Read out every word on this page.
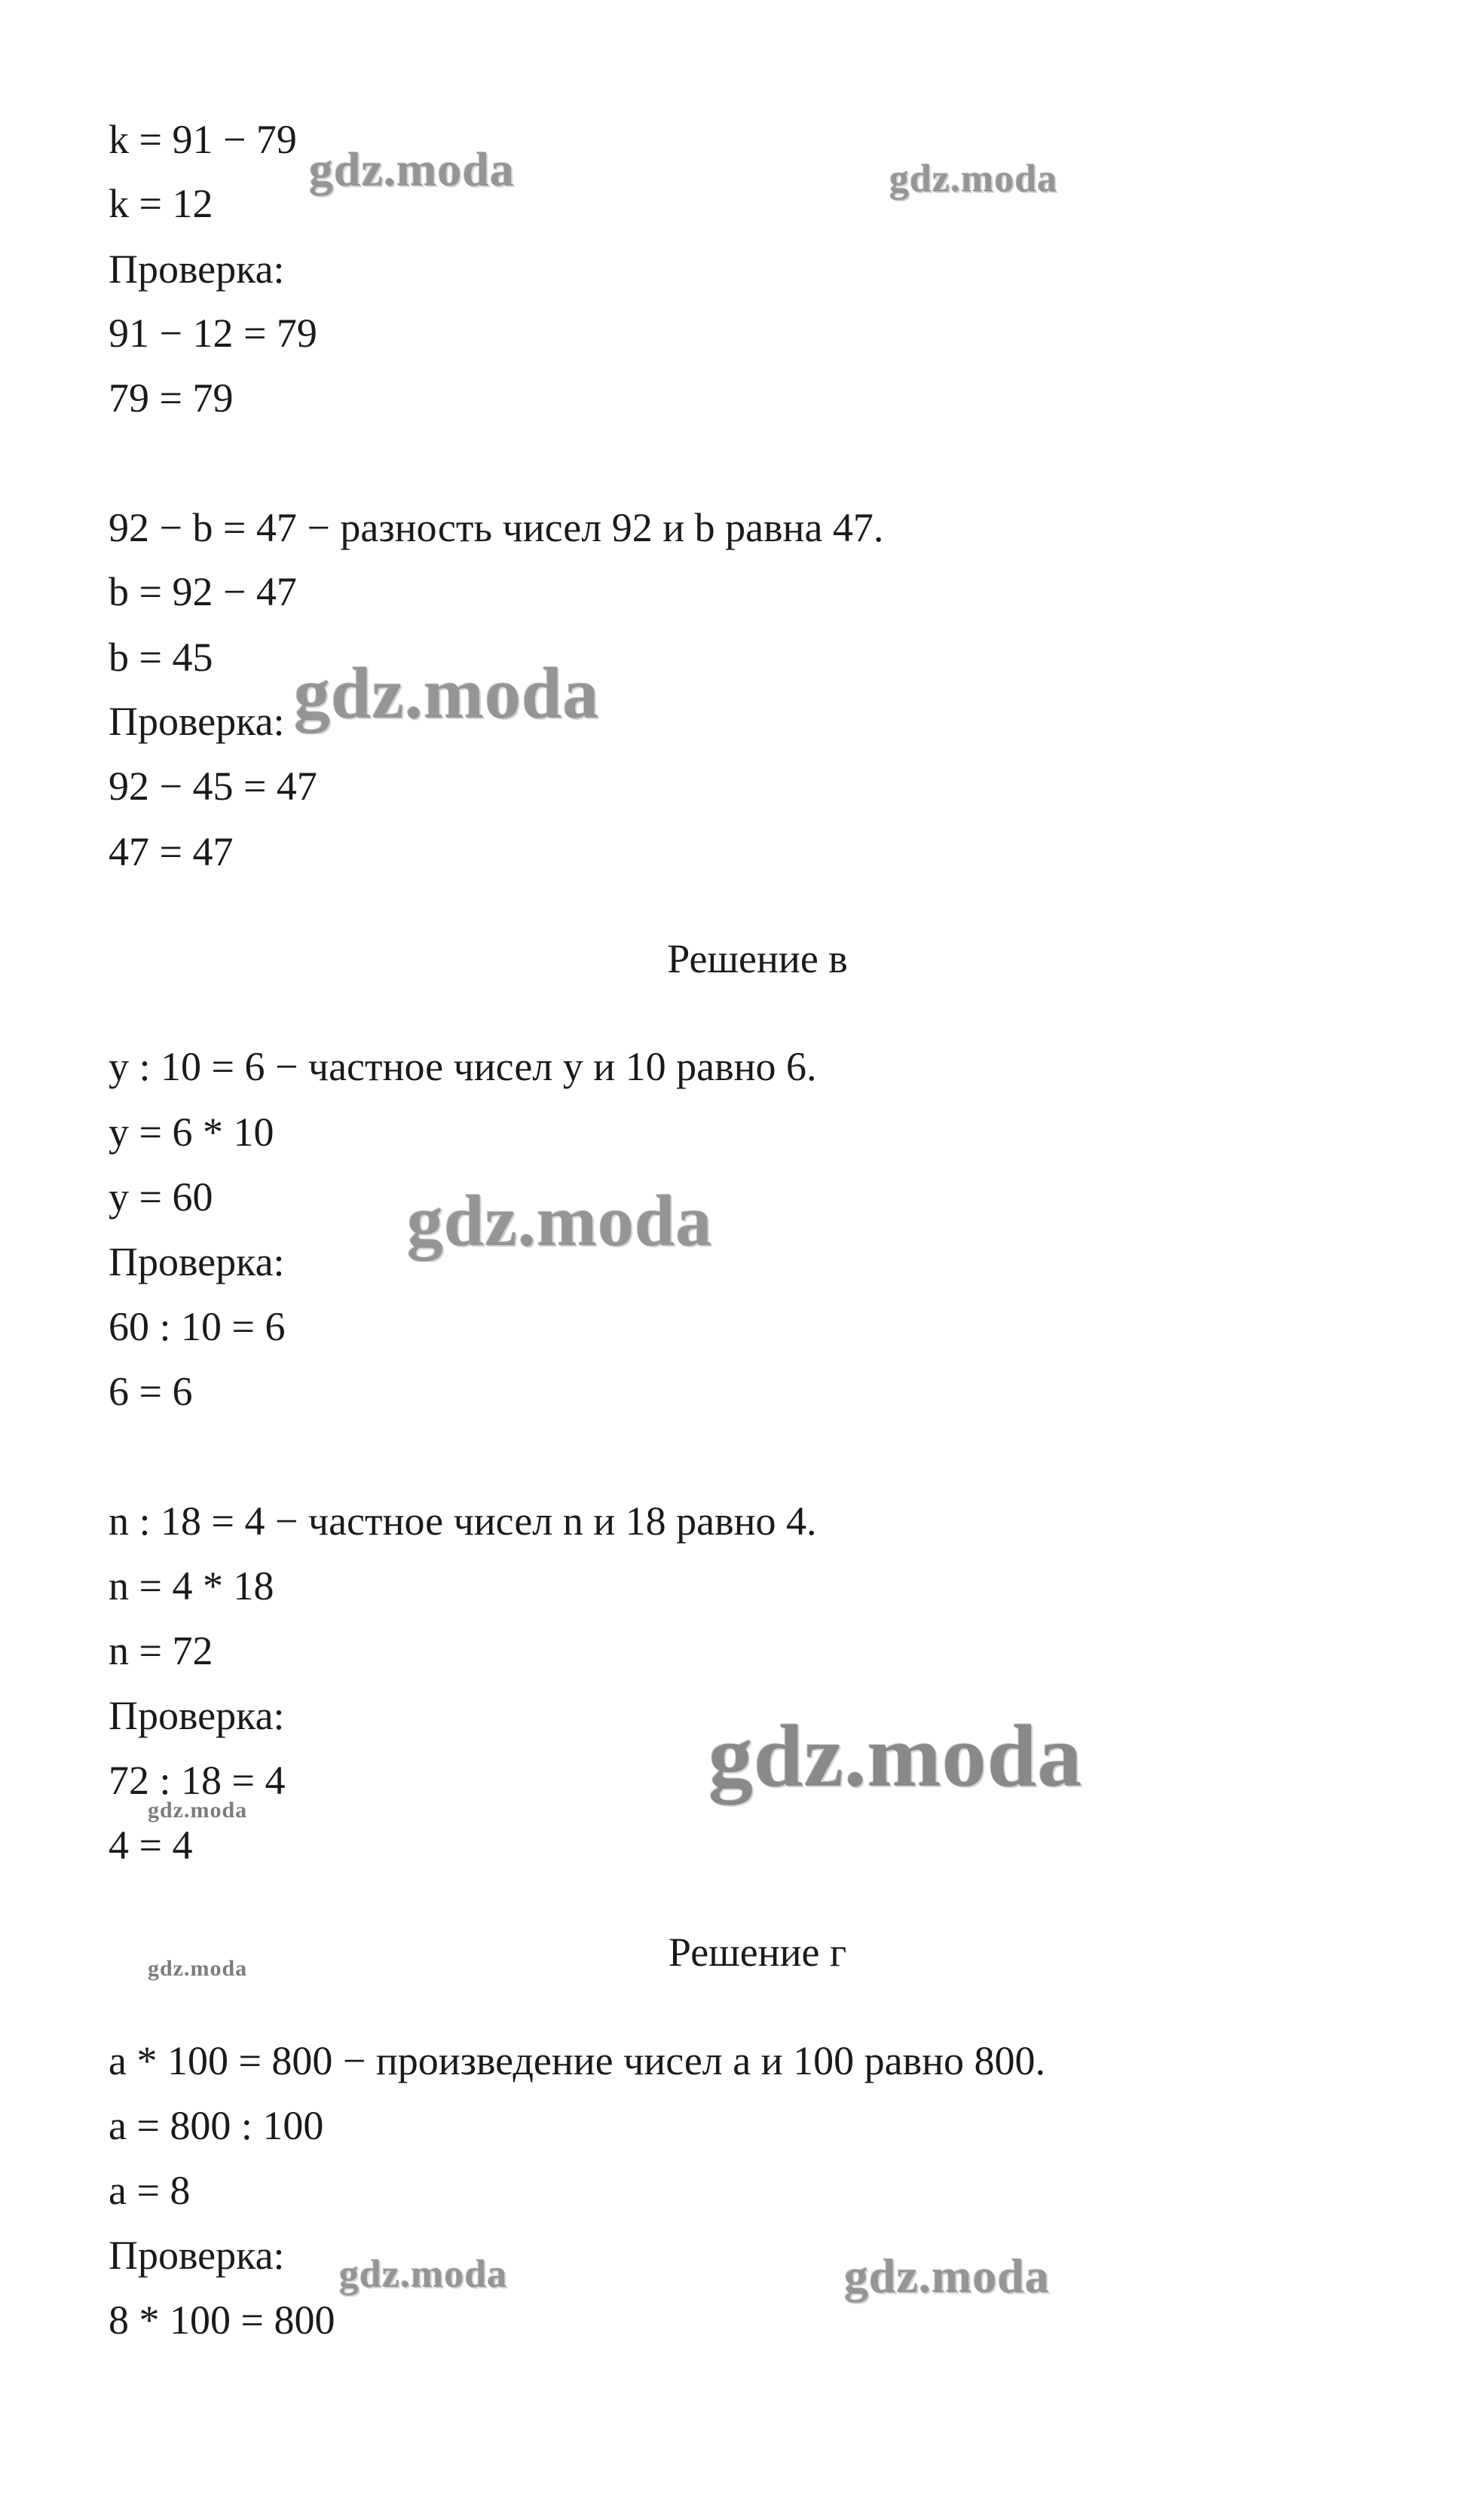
k = 91 − 79
k = 12
Проверка:
91 − 12 = 79
79 = 79
92 − b = 47 − разность чисел 92 и b равна 47.
b = 92 − 47
b = 45
Проверка:
92 − 45 = 47
47 = 47
Решение в
y : 10 = 6 − частное чисел y и 10 равно 6.
y = 6 * 10
y = 60
Проверка:
60 : 10 = 6
6 = 6
n : 18 = 4 − частное чисел n и 18 равно 4.
n = 4 * 18
n = 72
Проверка:
72 : 18 = 4
4 = 4
Решение г
a * 100 = 800 − произведение чисел a и 100 равно 800.
a = 800 : 100
a = 8
Проверка:
8 * 100 = 800
gdz.moda	gdz.moda
gdz.moda
gdz.moda
gdz.moda
gdz.moda
gdz.moda
gdz.moda	gdz.moda
